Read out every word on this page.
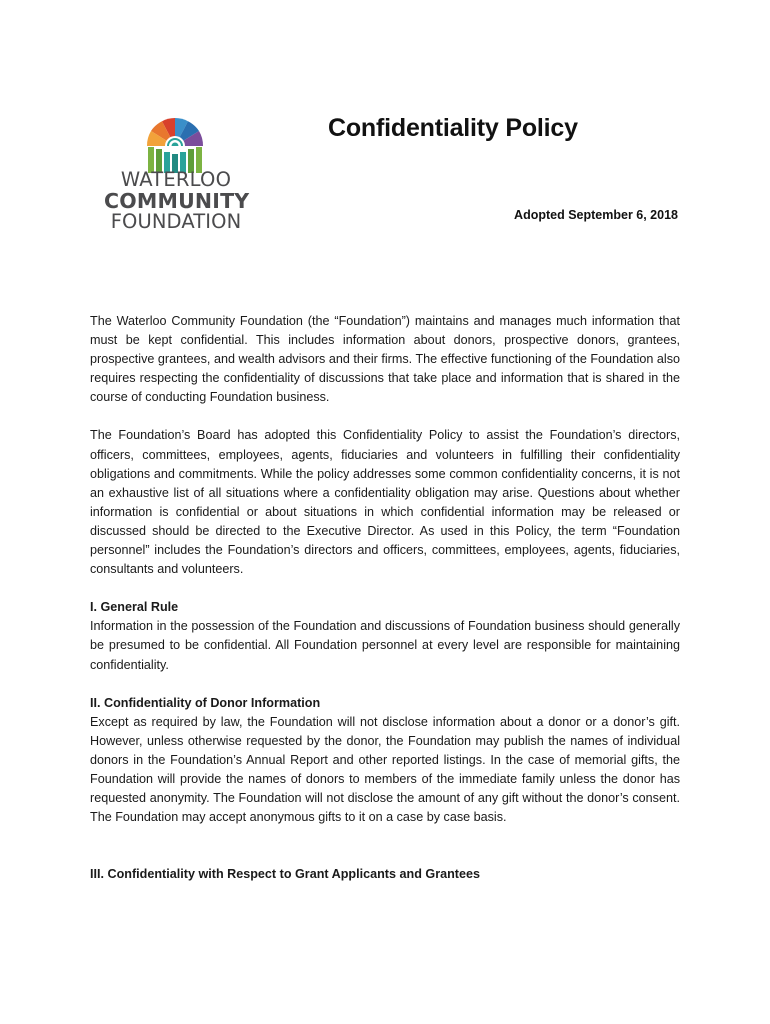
WATERLOO
COMMUNITY
FOUNDATION
Confidentiality Policy

Adopted September 6, 2018

The Waterloo Community Foundation (the “Foundation”) maintains and manages much information that must be kept confidential. This includes information about donors, prospective donors, grantees, prospective grantees, and wealth advisors and their firms. The effective functioning of the Foundation also requires respecting the confidentiality of discussions that take place and information that is shared in the course of conducting Foundation business.

The Foundation’s Board has adopted this Confidentiality Policy to assist the Foundation’s directors, officers, committees, employees, agents, fiduciaries and volunteers in fulfilling their confidentiality obligations and commitments. While the policy addresses some common confidentiality concerns, it is not an exhaustive list of all situations where a confidentiality obligation may arise. Questions about whether information is confidential or about situations in which confidential information may be released or discussed should be directed to the Executive Director. As used in this Policy, the term “Foundation personnel” includes the Foundation’s directors and officers, committees, employees, agents, fiduciaries, consultants and volunteers.

I. General Rule

Information in the possession of the Foundation and discussions of Foundation business should generally be presumed to be confidential. All Foundation personnel at every level are responsible for maintaining confidentiality.

II. Confidentiality of Donor Information

Except as required by law, the Foundation will not disclose information about a donor or a donor’s gift. However, unless otherwise requested by the donor, the Foundation may publish the names of individual donors in the Foundation’s Annual Report and other reported listings. In the case of memorial gifts, the Foundation will provide the names of donors to members of the immediate family unless the donor has requested anonymity. The Foundation will not disclose the amount of any gift without the donor’s consent. The Foundation may accept anonymous gifts to it on a case by case basis.

III. Confidentiality with Respect to Grant Applicants and Grantees
